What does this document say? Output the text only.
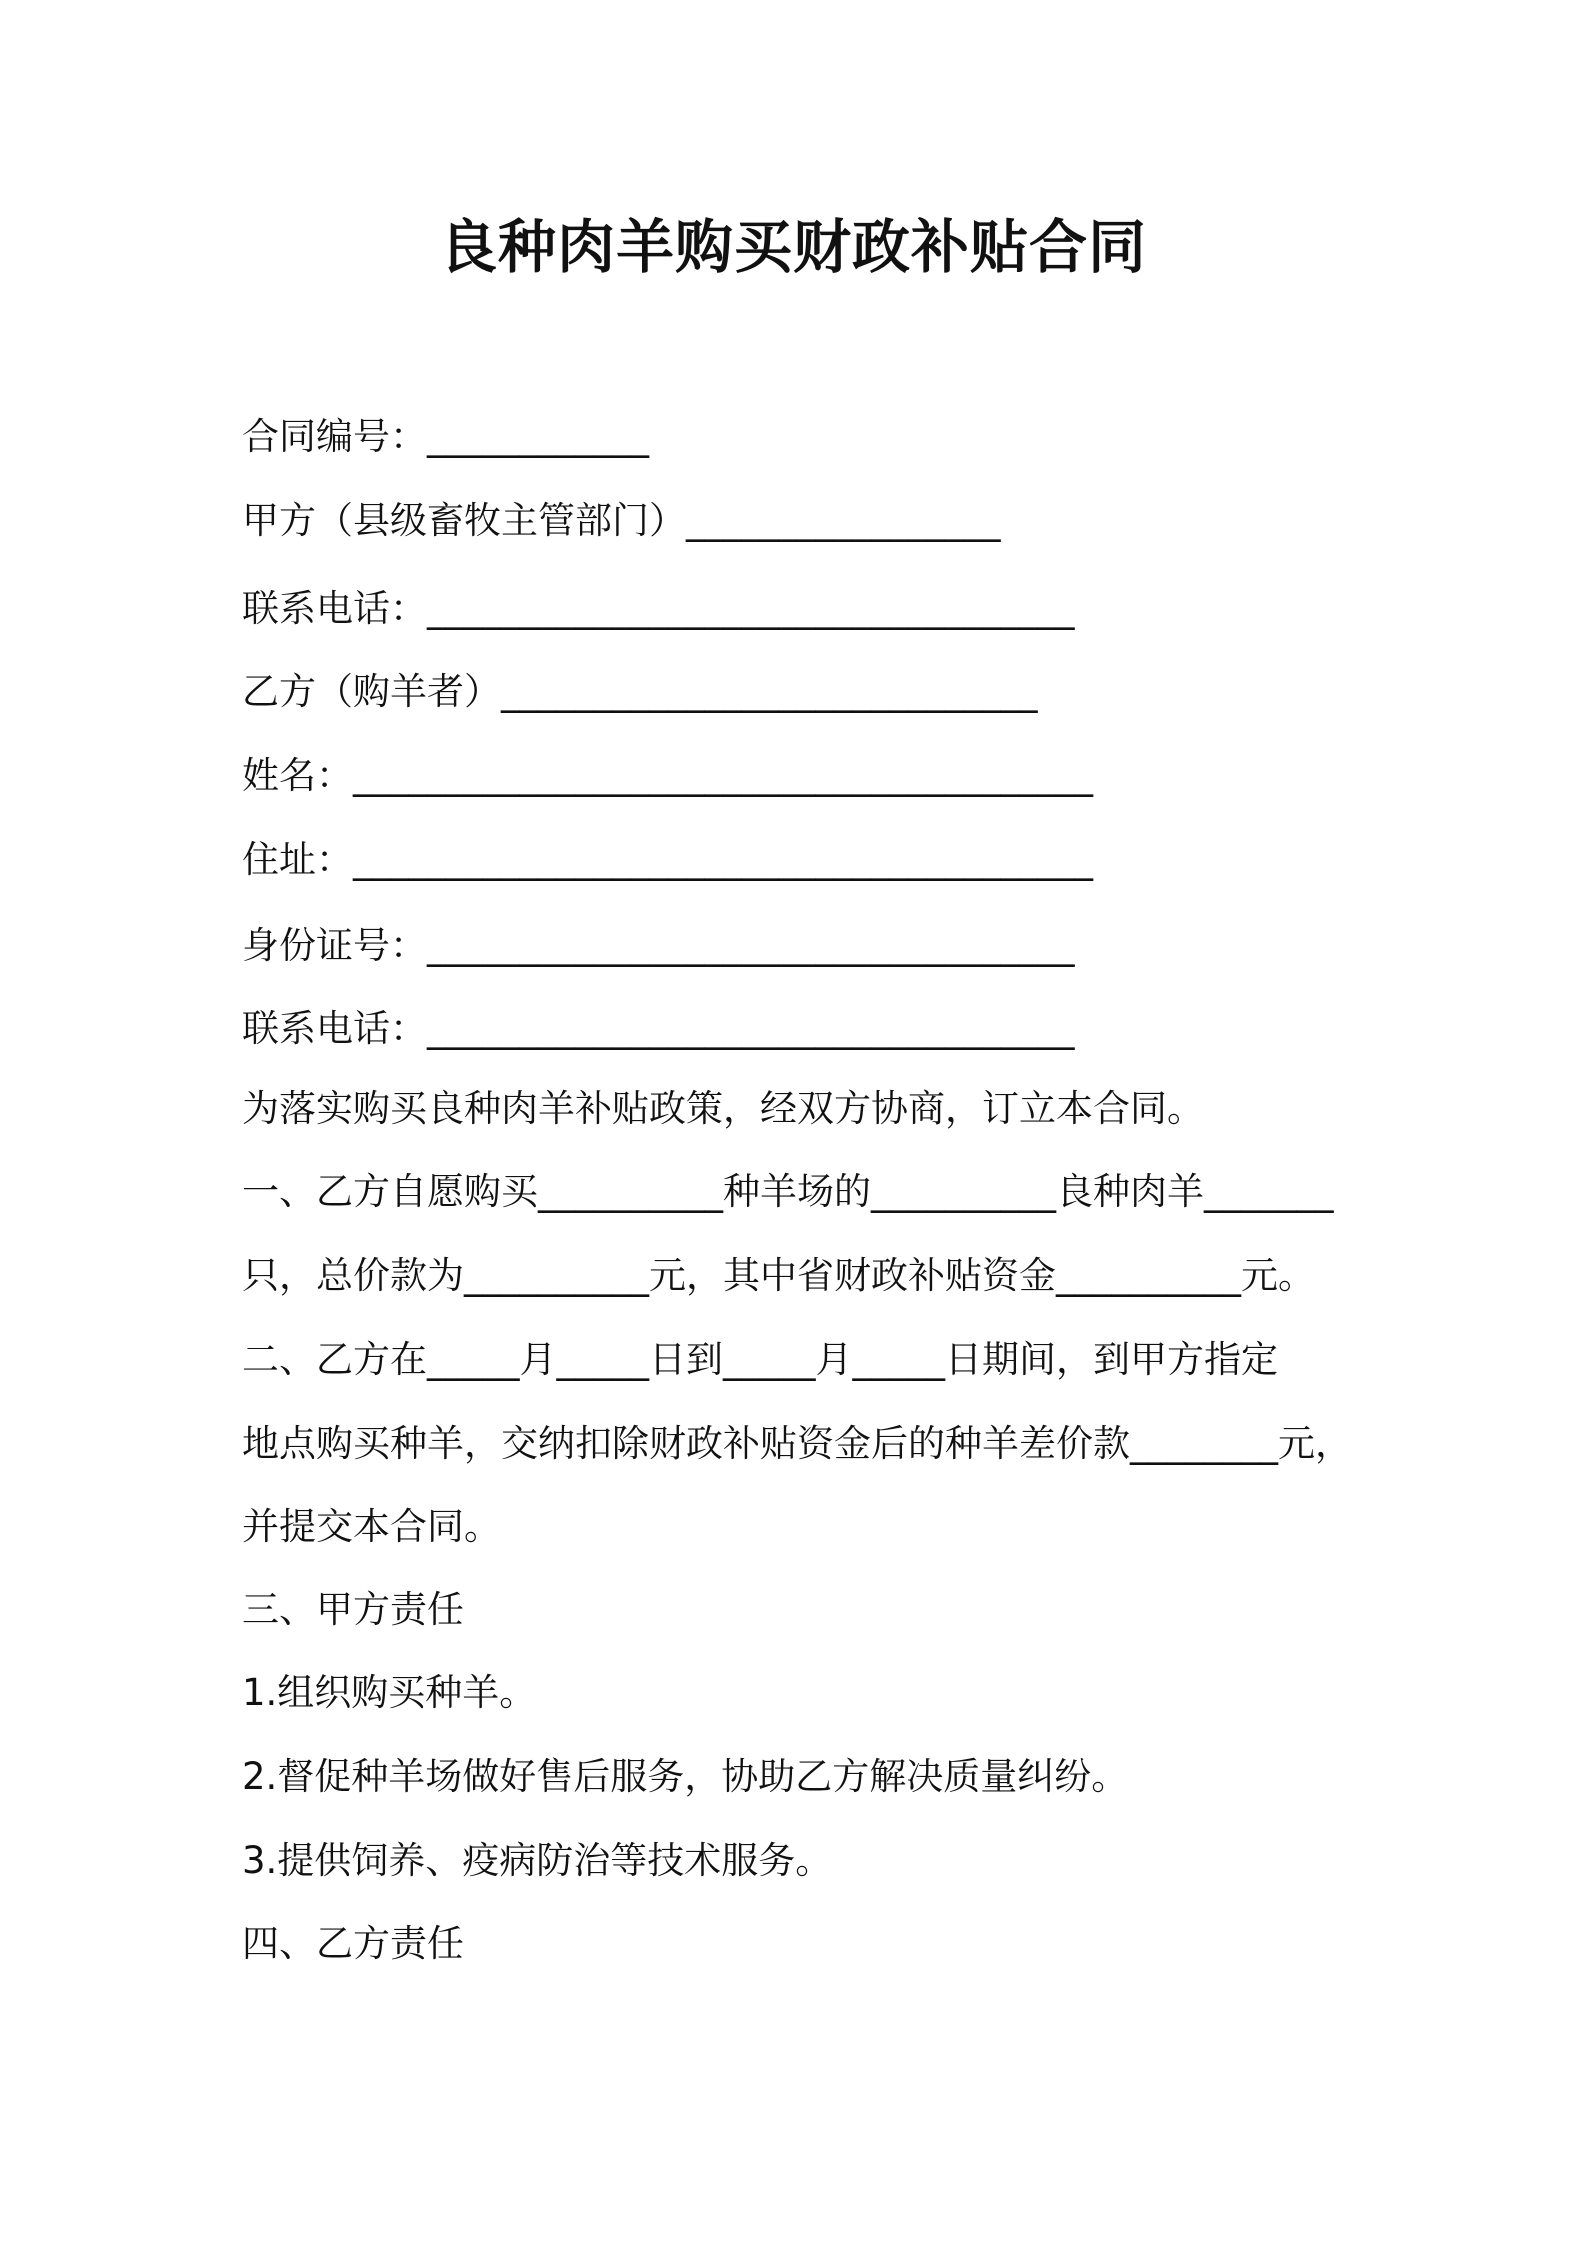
良种肉羊购买财政补贴合同
合同编号：____________
甲方（县级畜牧主管部门）_________________
联系电话：___________________________________
乙方（购羊者）_____________________________
姓名：________________________________________
住址：________________________________________
身份证号：___________________________________
联系电话：___________________________________
为落实购买良种肉羊补贴政策，经双方协商，订立本合同。
一、乙方自愿购买__________种羊场的__________良种肉羊_______
只，总价款为__________元，其中省财政补贴资金__________元。
二、乙方在_____月_____日到_____月_____日期间，到甲方指定
地点购买种羊，交纳扣除财政补贴资金后的种羊差价款________元，
并提交本合同。
三、甲方责任
1.组织购买种羊。
2.督促种羊场做好售后服务，协助乙方解决质量纠纷。
3.提供饲养、疫病防治等技术服务。
四、乙方责任
